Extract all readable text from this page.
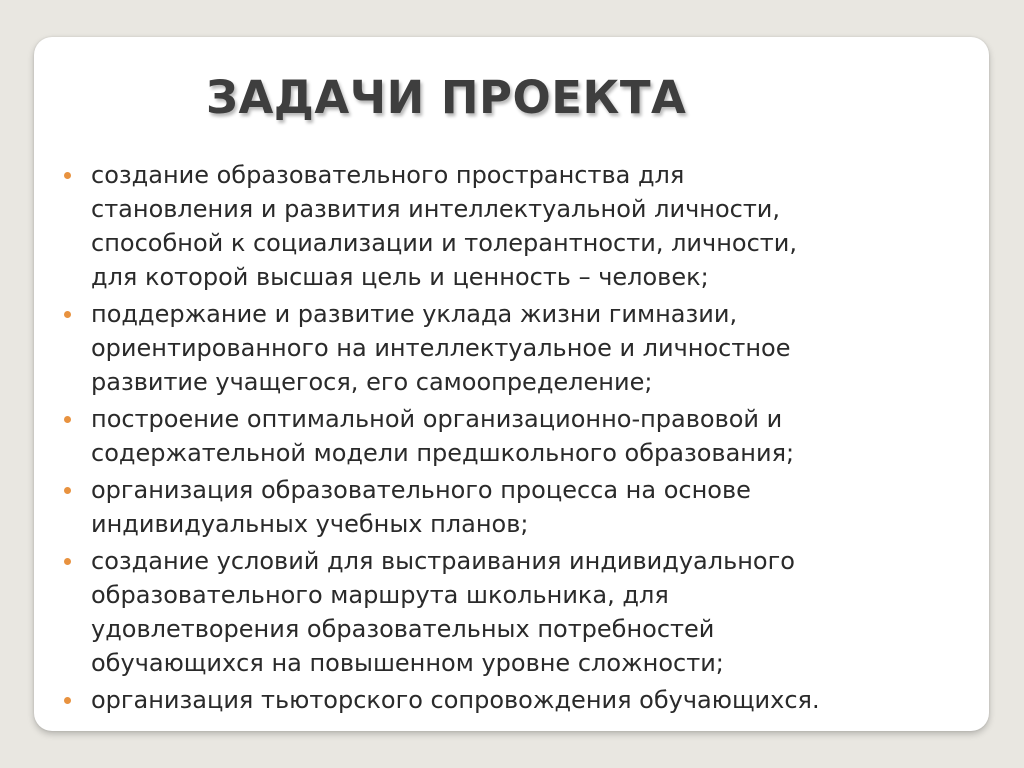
ЗАДАЧИ ПРОЕКТА
создание образовательного пространства для
становления и развития интеллектуальной личности,
способной к социализации и толерантности, личности,
для которой высшая цель и ценность – человек;
поддержание и развитие уклада жизни гимназии,
ориентированного на интеллектуальное и личностное
развитие учащегося, его самоопределение;
построение оптимальной организационно-правовой и
содержательной модели предшкольного образования;
организация образовательного процесса на основе
индивидуальных учебных планов;
создание условий для выстраивания индивидуального
образовательного маршрута школьника, для
удовлетворения образовательных потребностей
обучающихся на повышенном уровне сложности;
организация тьюторского сопровождения обучающихся.
